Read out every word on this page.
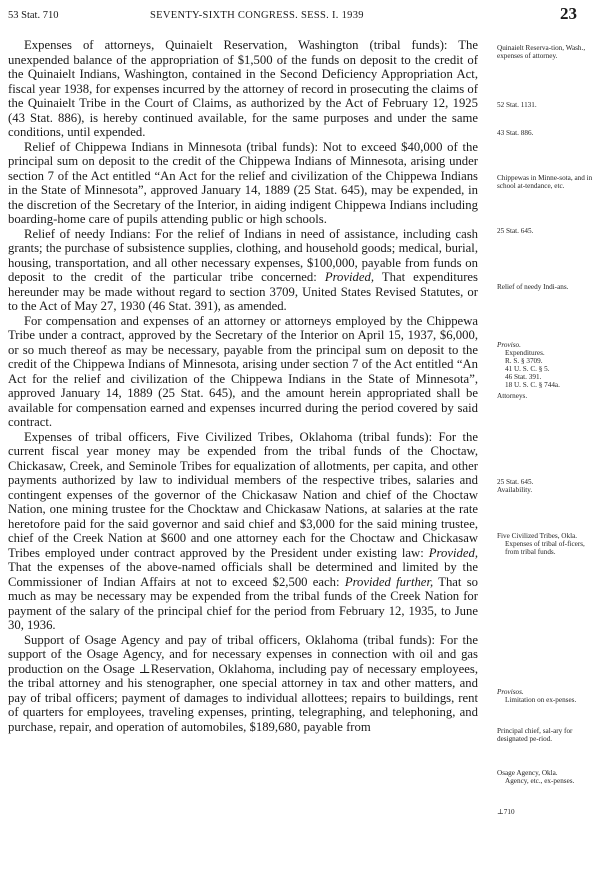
53 Stat. 710	SEVENTY-SIXTH CONGRESS. SESS. I. 1939	23

Expenses of attorneys, Quinaielt Reservation, Washington (tribal funds): The unexpended balance of the appropriation of $1,500 of the funds on deposit to the credit of the Quinaielt Indians, Washington, contained in the Second Deficiency Appropriation Act, fiscal year 1938, for expenses incurred by the attorney of record in prosecuting the claims of the Quinaielt Tribe in the Court of Claims, as authorized by the Act of February 12, 1925 (43 Stat. 886), is hereby continued available, for the same purposes and under the same conditions, until expended.

Relief of Chippewa Indians in Minnesota (tribal funds): Not to exceed $40,000 of the principal sum on deposit to the credit of the Chippewa Indians of Minnesota, arising under section 7 of the Act entitled “An Act for the relief and civilization of the Chippewa Indians in the State of Minnesota”, approved January 14, 1889 (25 Stat. 645), may be expended, in the discretion of the Secretary of the Interior, in aiding indigent Chippewa Indians including boarding-home care of pupils attending public or high schools.

Relief of needy Indians: For the relief of Indians in need of assistance, including cash grants; the purchase of subsistence supplies, clothing, and household goods; medical, burial, housing, transportation, and all other necessary expenses, $100,000, payable from funds on deposit to the credit of the particular tribe concerned: Provided, That expenditures hereunder may be made without regard to section 3709, United States Revised Statutes, or to the Act of May 27, 1930 (46 Stat. 391), as amended.

For compensation and expenses of an attorney or attorneys employed by the Chippewa Tribe under a contract, approved by the Secretary of the Interior on April 15, 1937, $6,000, or so much thereof as may be necessary, payable from the principal sum on deposit to the credit of the Chippewa Indians of Minnesota, arising under section 7 of the Act entitled “An Act for the relief and civilization of the Chippewa Indians in the State of Minnesota”, approved January 14, 1889 (25 Stat. 645), and the amount herein appropriated shall be available for compensation earned and expenses incurred during the period covered by said contract.

Expenses of tribal officers, Five Civilized Tribes, Oklahoma (tribal funds): For the current fiscal year money may be expended from the tribal funds of the Choctaw, Chickasaw, Creek, and Seminole Tribes for equalization of allotments, per capita, and other payments authorized by law to individual members of the respective tribes, salaries and contingent expenses of the governor of the Chickasaw Nation and chief of the Choctaw Nation, one mining trustee for the Chocktaw and Chickasaw Nations, at salaries at the rate heretofore paid for the said governor and said chief and $3,000 for the said mining trustee, chief of the Creek Nation at $600 and one attorney each for the Choctaw and Chickasaw Tribes employed under contract approved by the President under existing law: Provided, That the expenses of the above-named officials shall be determined and limited by the Commissioner of Indian Affairs at not to exceed $2,500 each: Provided further, That so much as may be necessary may be expended from the tribal funds of the Creek Nation for payment of the salary of the principal chief for the period from February 12, 1935, to June 30, 1936.

Support of Osage Agency and pay of tribal officers, Oklahoma (tribal funds): For the support of the Osage Agency, and for necessary expenses in connection with oil and gas production on the Osage ⊥Reservation, Oklahoma, including pay of necessary employees, the tribal attorney and his stenographer, one special attorney in tax and other matters, and pay of tribal officers; payment of damages to individual allottees; repairs to buildings, rent of quarters for employees, traveling expenses, printing, telegraphing, and telephoning, and purchase, repair, and operation of automobiles, $189,680, payable from

Quinaielt Reserva-tion, Wash., expenses of attorney.
52 Stat. 1131.
43 Stat. 886.
Chippewas in Minne-sota, and in school at-tendance, etc.
25 Stat. 645.
Relief of needy Indi-ans.
Proviso.
Expenditures.
R. S. § 3709.
41 U. S. C. § 5.
46 Stat. 391.
18 U. S. C. § 744a.
Attorneys.
25 Stat. 645.
Availability.
Five Civilized Tribes, Okla.
Expenses of tribal of-ficers, from tribal funds.
Provisos.
Limitation on ex-penses.
Principal chief, sal-ary for designated pe-riod.
Osage Agency, Okla.
Agency, etc., ex-penses.
⊥710
